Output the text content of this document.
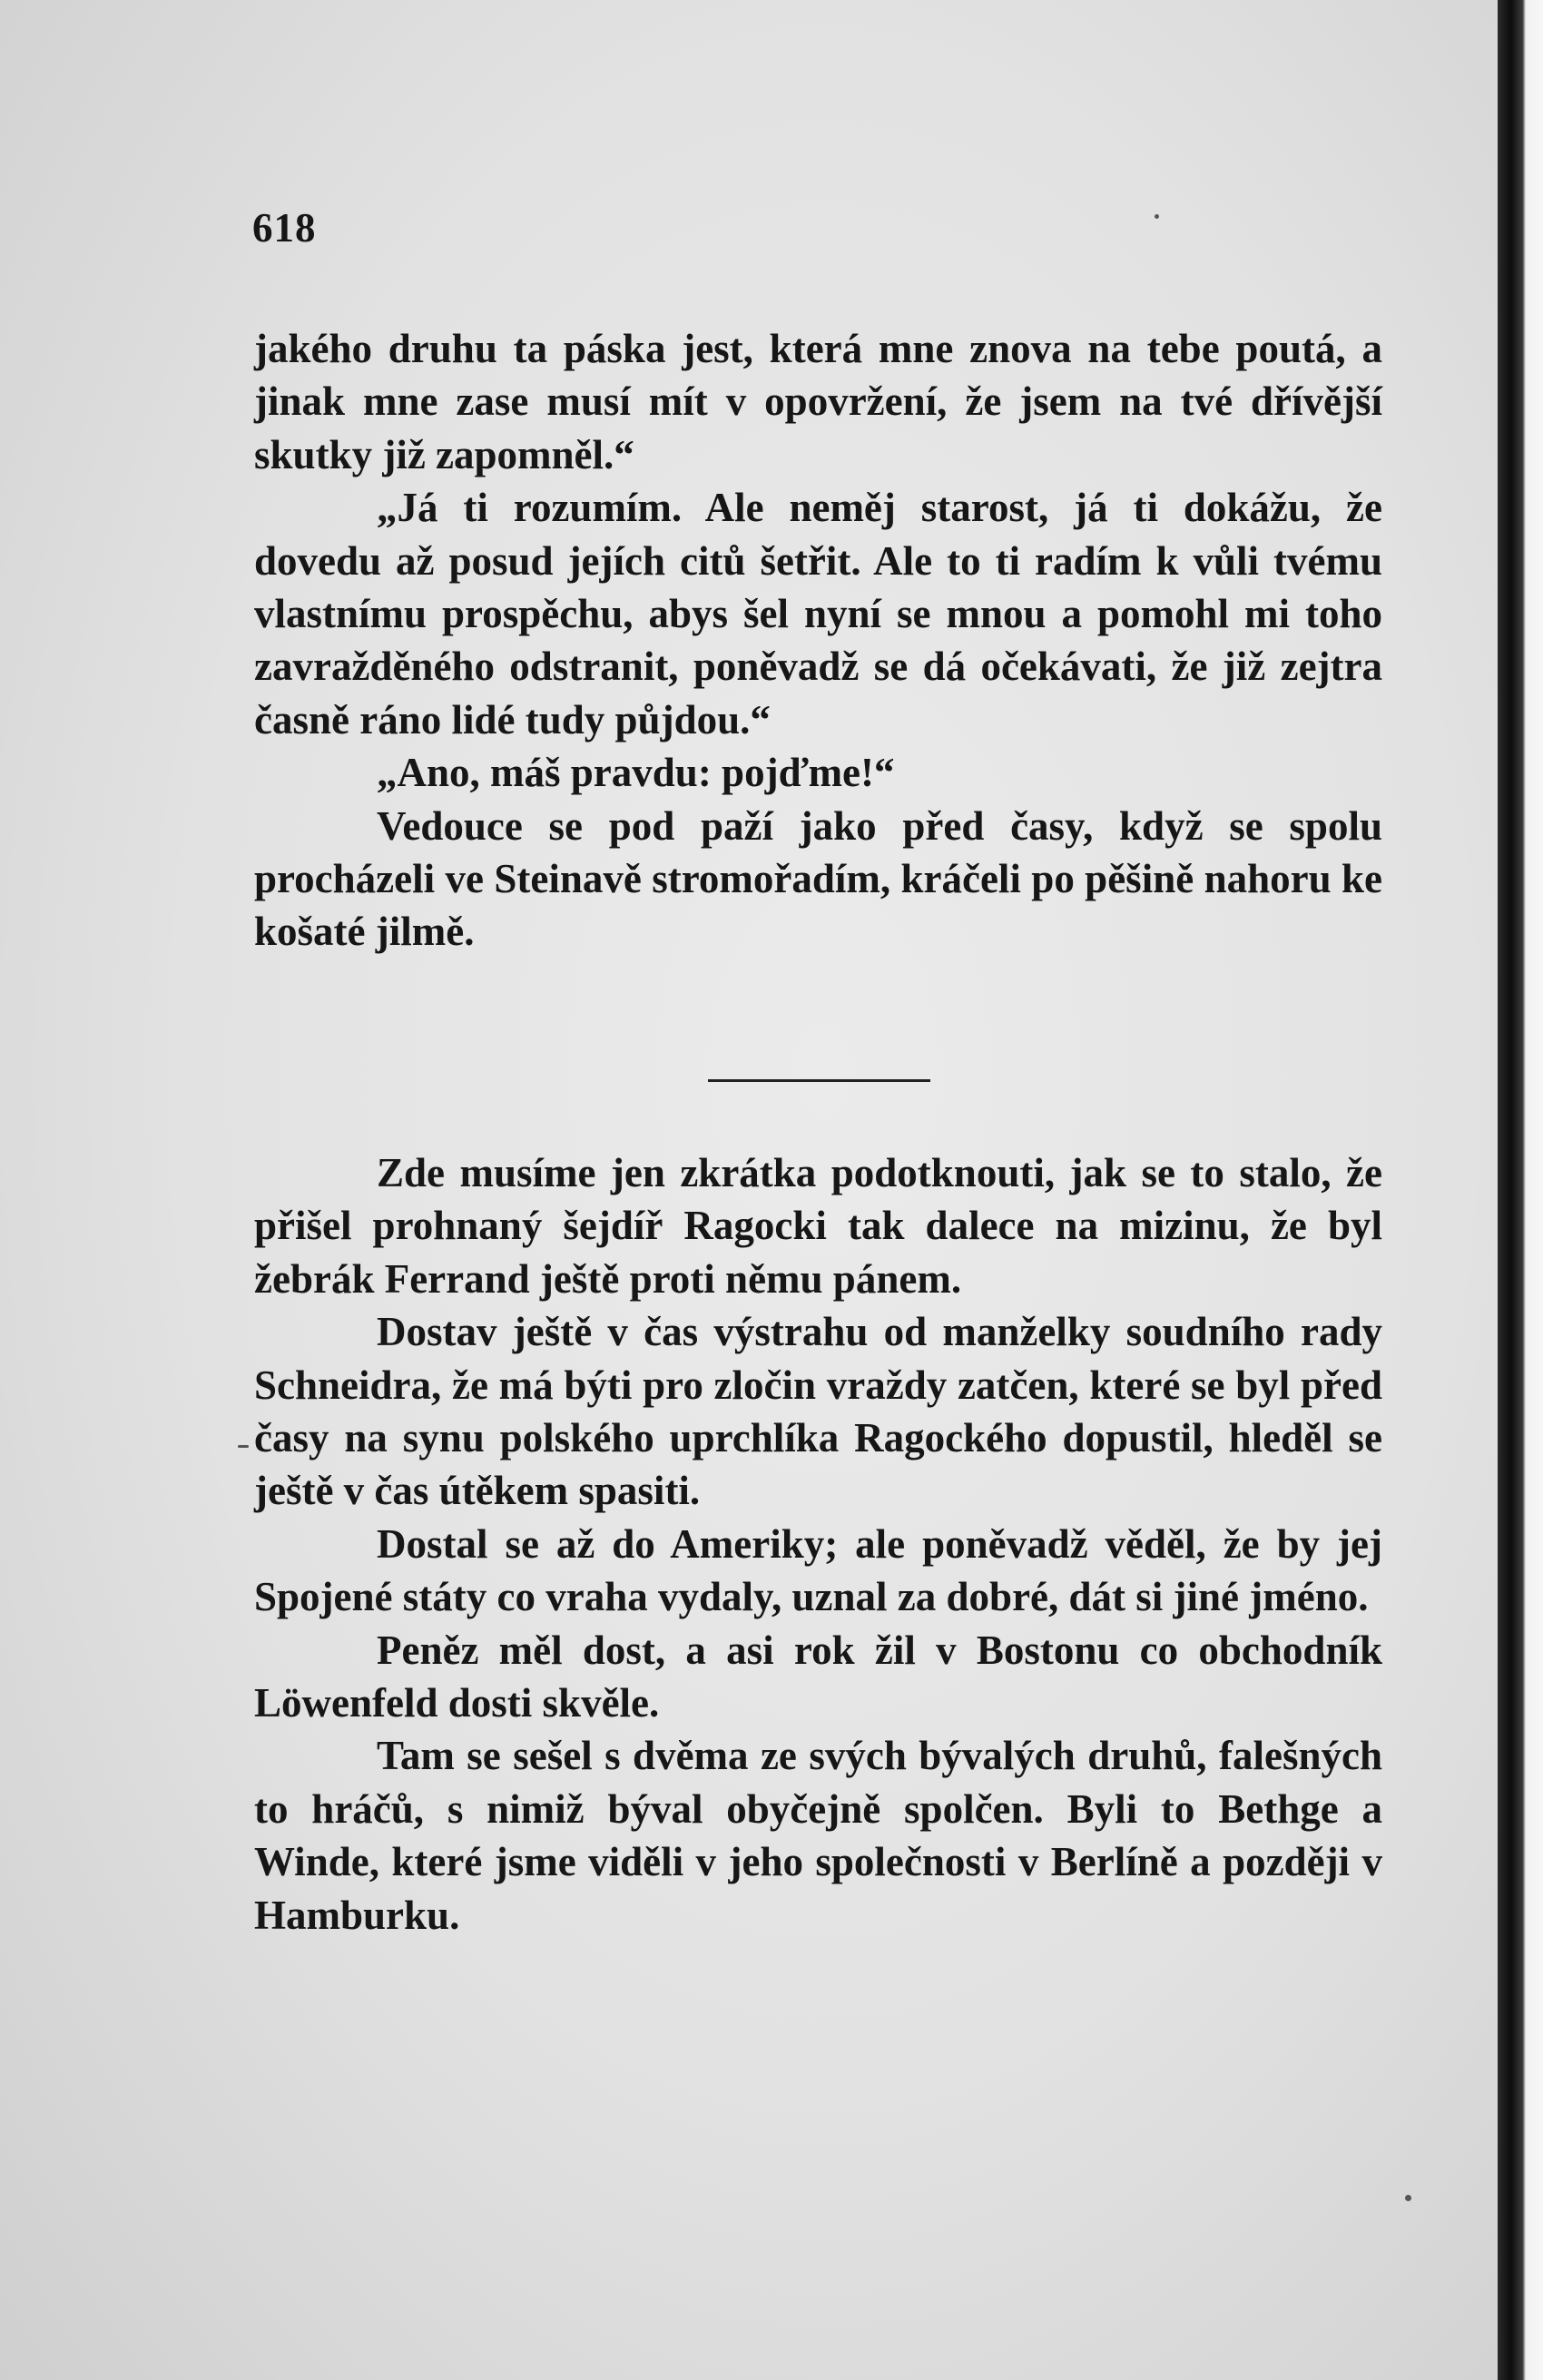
618

jakého druhu ta páska jest, která mne znova na tebe poutá, a jinak mne zase musí mít v opovržení, že jsem na tvé dřívější skutky již zapomněl.“

„Já ti rozumím. Ale neměj starost, já ti dokážu, že dovedu až posud jejích citů šetřit. Ale to ti radím k vůli tvému vlastnímu prospěchu, abys šel nyní se mnou a pomohl mi toho zavražděného odstranit, poněvadž se dá očekávati, že již zejtra časně ráno lidé tudy půjdou.“

„Ano, máš pravdu: pojďme!“

Vedouce se pod paží jako před časy, když se spolu procházeli ve Steinavě stromořadím, kráčeli po pěšině nahoru ke košaté jilmě.

Zde musíme jen zkrátka podotknouti, jak se to stalo, že přišel prohnaný šejdíř Ragocki tak dalece na mizinu, že byl žebrák Ferrand ještě proti němu pánem.

Dostav ještě v čas výstrahu od manželky soudního rady Schneidra, že má býti pro zločin vraždy zatčen, které se byl před časy na synu polského uprchlíka Ragockého dopustil, hleděl se ještě v čas útěkem spasiti.

Dostal se až do Ameriky; ale poněvadž věděl, že by jej Spojené státy co vraha vydaly, uznal za dobré, dát si jiné jméno.

Peněz měl dost, a asi rok žil v Bostonu co obchodník Löwenfeld dosti skvěle.

Tam se sešel s dvěma ze svých bývalých druhů, falešných to hráčů, s nimiž býval obyčejně spolčen. Byli to Bethge a Winde, které jsme viděli v jeho společnosti v Berlíně a později v Hamburku.
